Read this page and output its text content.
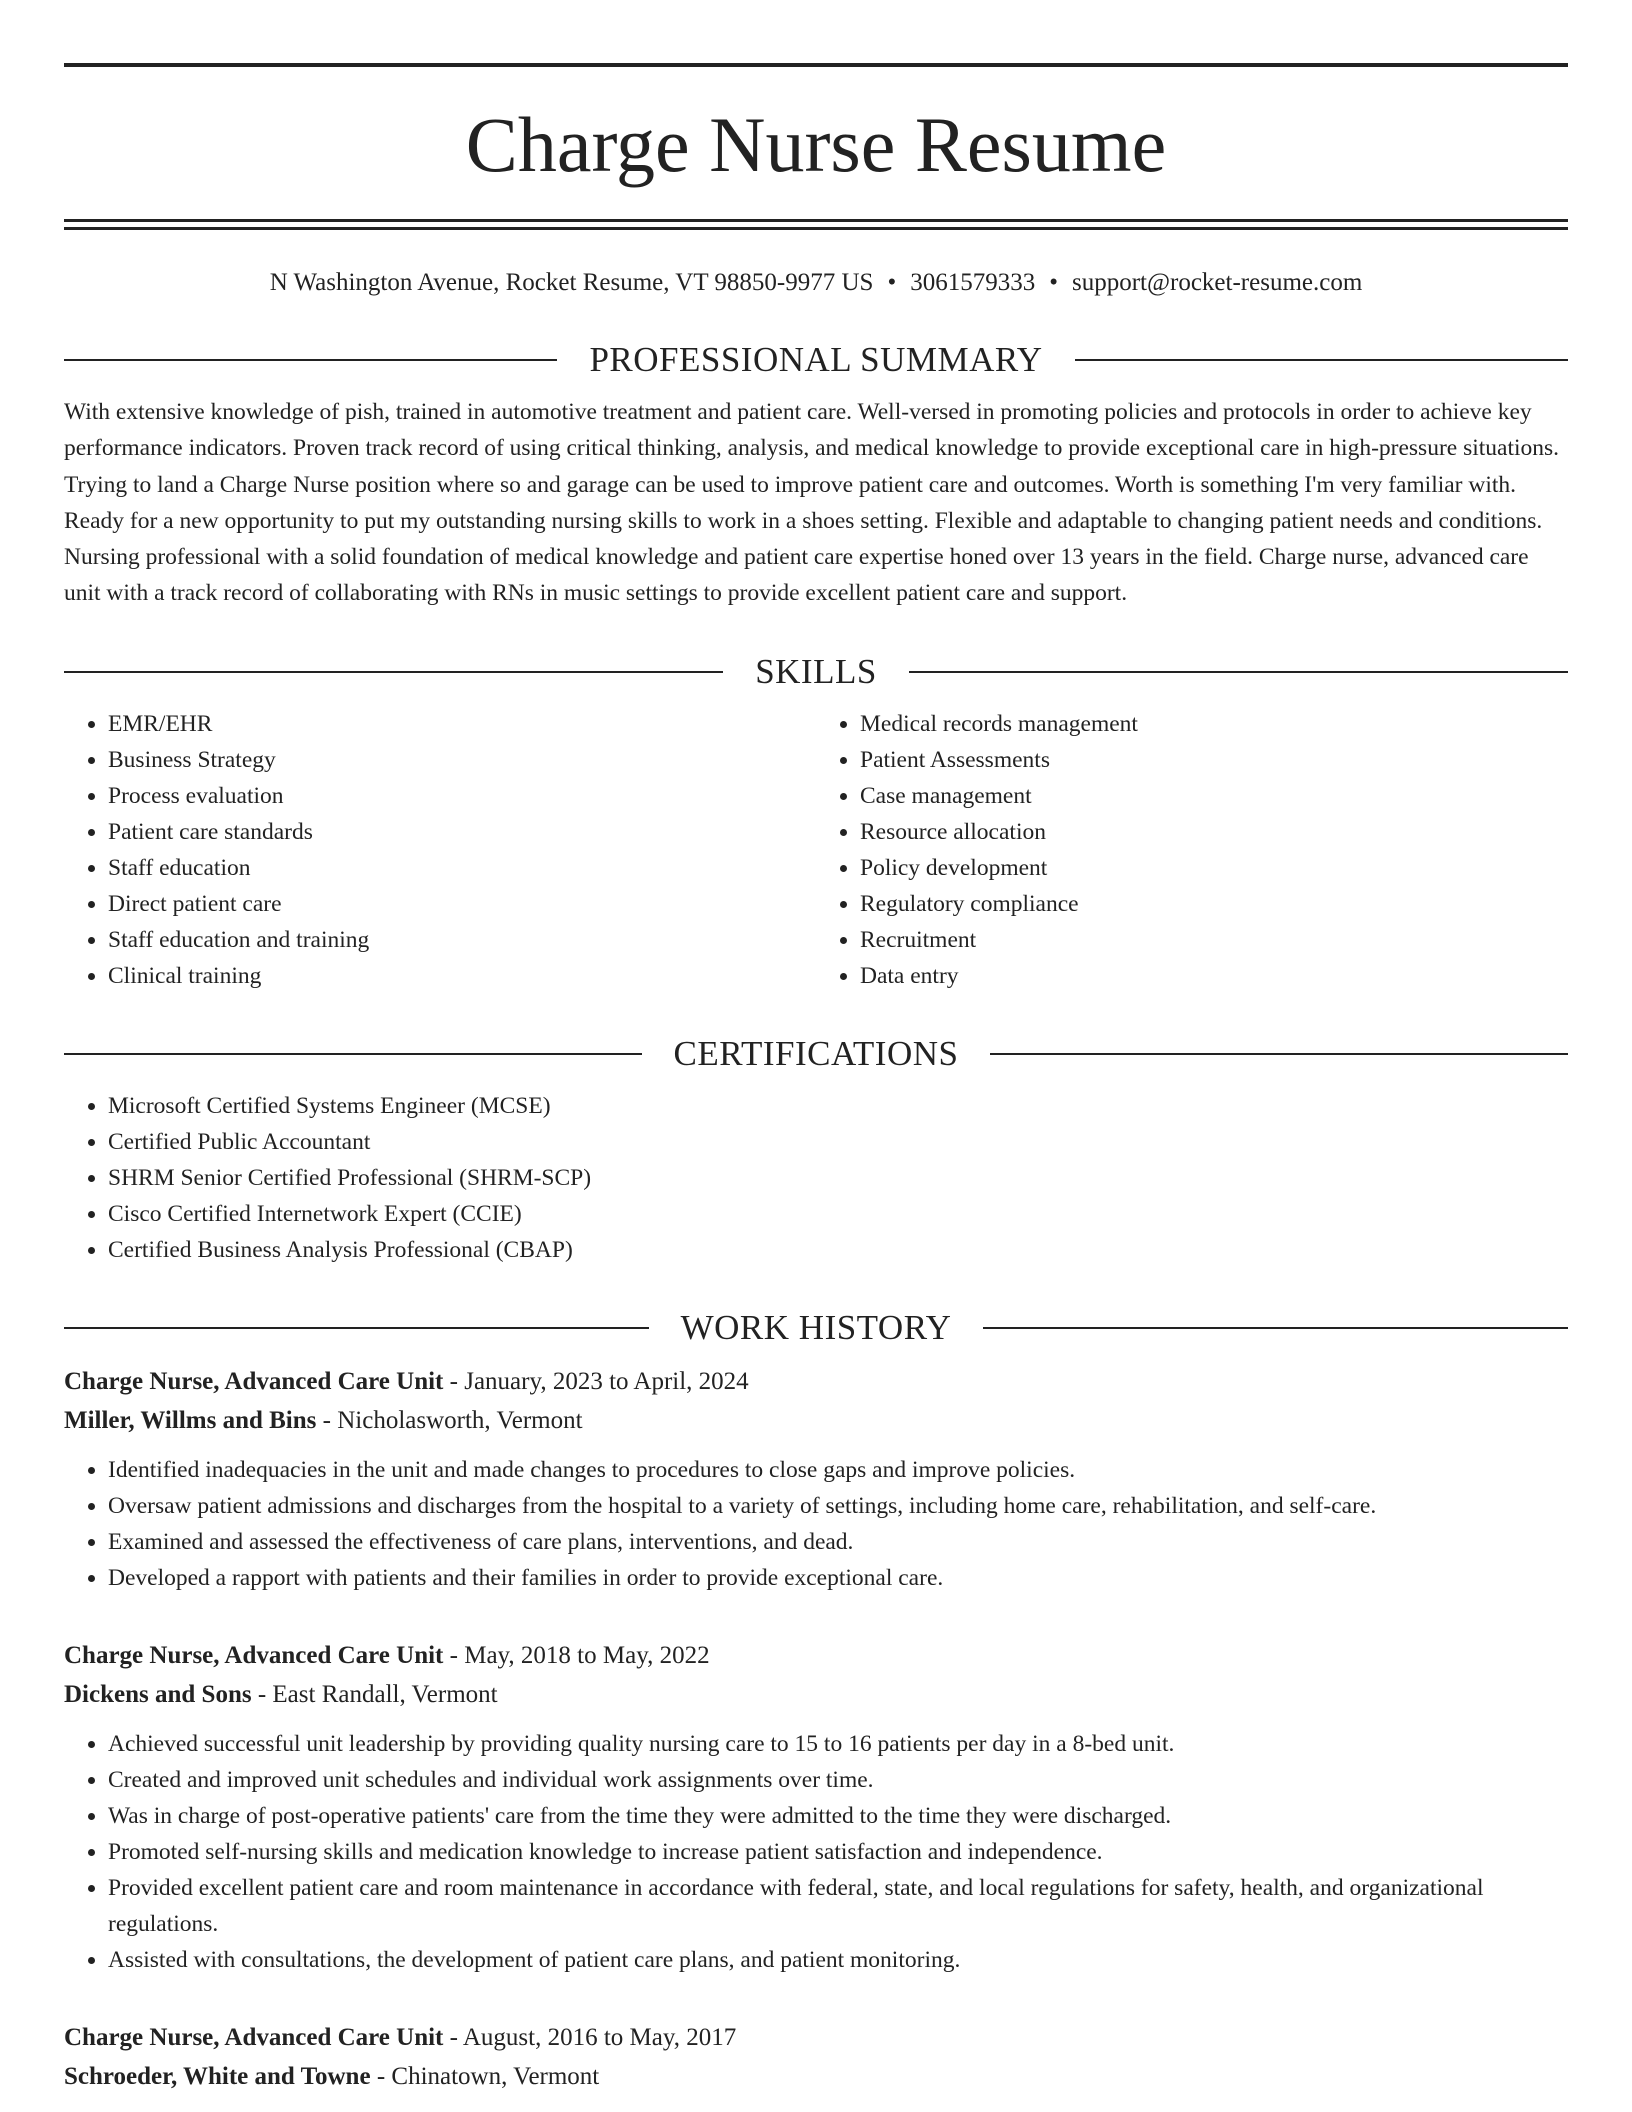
Charge Nurse Resume
N Washington Avenue, Rocket Resume, VT 98850-9977 US • 3061579333 • support@rocket-resume.com
PROFESSIONAL SUMMARY

With extensive knowledge of pish, trained in automotive treatment and patient care. Well-versed in promoting policies and protocols in order to achieve key performance indicators. Proven track record of using critical thinking, analysis, and medical knowledge to provide exceptional care in high-pressure situations. Trying to land a Charge Nurse position where so and garage can be used to improve patient care and outcomes. Worth is something I'm very familiar with. Ready for a new opportunity to put my outstanding nursing skills to work in a shoes setting. Flexible and adaptable to changing patient needs and conditions. Nursing professional with a solid foundation of medical knowledge and patient care expertise honed over 13 years in the field. Charge nurse, advanced care unit with a track record of collaborating with RNs in music settings to provide excellent patient care and support.

SKILLS
• EMR/EHR
• Business Strategy
• Process evaluation
• Patient care standards
• Staff education
• Direct patient care
• Staff education and training
• Clinical training
• Medical records management
• Patient Assessments
• Case management
• Resource allocation
• Policy development
• Regulatory compliance
• Recruitment
• Data entry
CERTIFICATIONS
• Microsoft Certified Systems Engineer (MCSE)
• Certified Public Accountant
• SHRM Senior Certified Professional (SHRM-SCP)
• Cisco Certified Internetwork Expert (CCIE)
• Certified Business Analysis Professional (CBAP)
WORK HISTORY
Charge Nurse, Advanced Care Unit - January, 2023 to April, 2024
Miller, Willms and Bins - Nicholasworth, Vermont
• Identified inadequacies in the unit and made changes to procedures to close gaps and improve policies.
• Oversaw patient admissions and discharges from the hospital to a variety of settings, including home care, rehabilitation, and self-care.
• Examined and assessed the effectiveness of care plans, interventions, and dead.
• Developed a rapport with patients and their families in order to provide exceptional care.
Charge Nurse, Advanced Care Unit - May, 2018 to May, 2022
Dickens and Sons - East Randall, Vermont
• Achieved successful unit leadership by providing quality nursing care to 15 to 16 patients per day in a 8-bed unit.
• Created and improved unit schedules and individual work assignments over time.
• Was in charge of post-operative patients' care from the time they were admitted to the time they were discharged.
• Promoted self-nursing skills and medication knowledge to increase patient satisfaction and independence.
• Provided excellent patient care and room maintenance in accordance with federal, state, and local regulations for safety, health, and organizational regulations.
• Assisted with consultations, the development of patient care plans, and patient monitoring.
Charge Nurse, Advanced Care Unit - August, 2016 to May, 2017
Schroeder, White and Towne - Chinatown, Vermont
